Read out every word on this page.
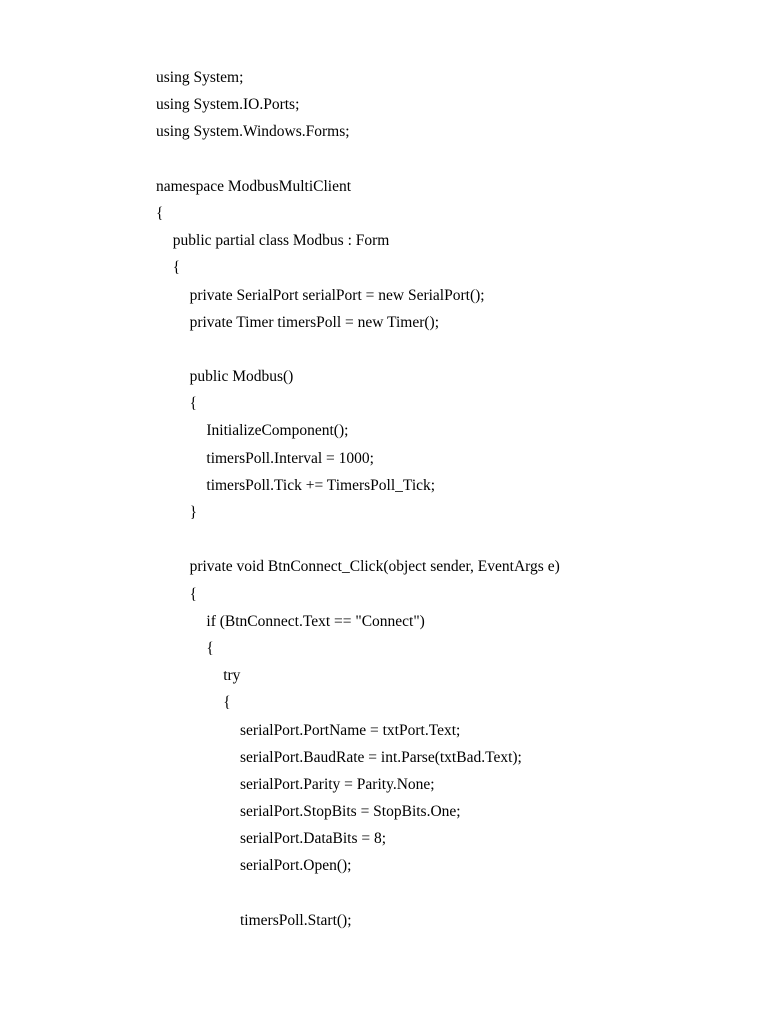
using System;
using System.IO.Ports;
using System.Windows.Forms;
namespace ModbusMultiClient
{
public partial class Modbus : Form
{
private SerialPort serialPort = new SerialPort();
private Timer timersPoll = new Timer();
public Modbus()
{
InitializeComponent();
timersPoll.Interval = 1000;
timersPoll.Tick += TimersPoll_Tick;
}
private void BtnConnect_Click(object sender, EventArgs e)
{
if (BtnConnect.Text == "Connect")
{
try
{
serialPort.PortName = txtPort.Text;
serialPort.BaudRate = int.Parse(txtBad.Text);
serialPort.Parity = Parity.None;
serialPort.StopBits = StopBits.One;
serialPort.DataBits = 8;
serialPort.Open();
timersPoll.Start();
